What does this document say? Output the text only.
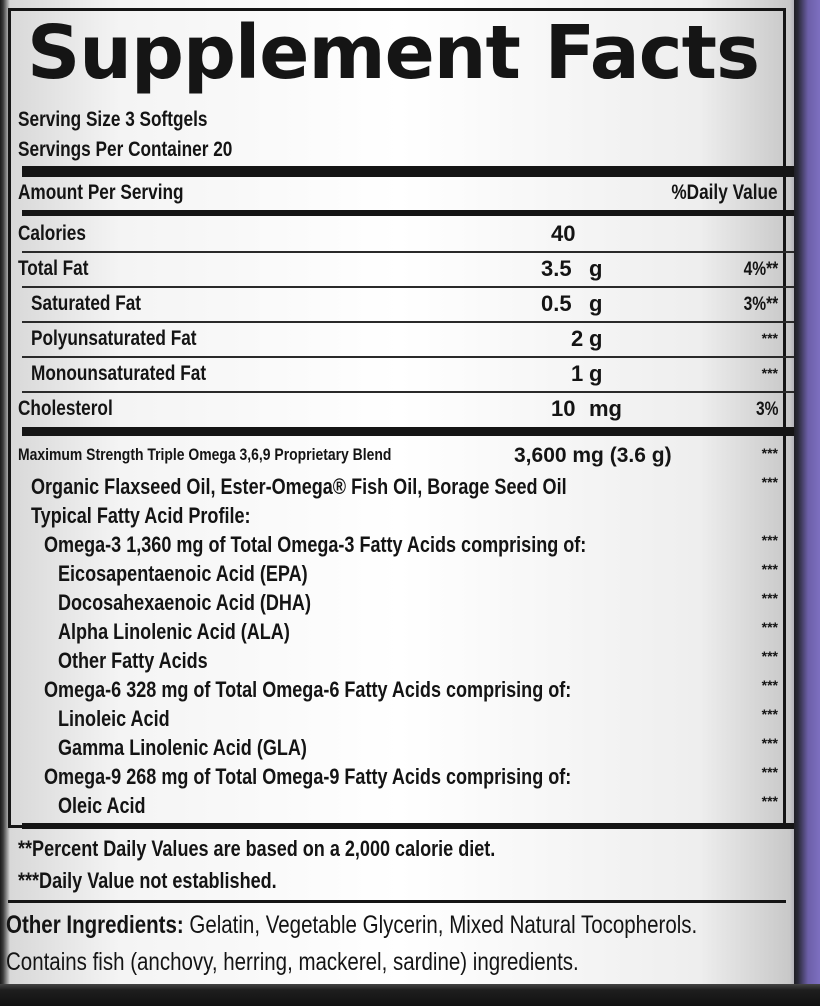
Supplement Facts
Serving Size 3 Softgels
Servings Per Container 20
Amount Per Serving	%Daily Value
Calories	40
Total Fat	3.5 g	4%**
Saturated Fat	0.5 g	3%**
Polyunsaturated Fat	2 g	***
Monounsaturated Fat	1 g	***
Cholesterol	10 mg	3%
Maximum Strength Triple Omega 3,6,9 Proprietary Blend	3,600 mg (3.6 g)	***
Organic Flaxseed Oil, Ester-Omega® Fish Oil, Borage Seed Oil	***
Typical Fatty Acid Profile:
Omega-3 1,360 mg of Total Omega-3 Fatty Acids comprising of:	***
Eicosapentaenoic Acid (EPA)	***
Docosahexaenoic Acid (DHA)	***
Alpha Linolenic Acid (ALA)	***
Other Fatty Acids	***
Omega-6 328 mg of Total Omega-6 Fatty Acids comprising of:	***
Linoleic Acid	***
Gamma Linolenic Acid (GLA)	***
Omega-9 268 mg of Total Omega-9 Fatty Acids comprising of:	***
Oleic Acid	***
**Percent Daily Values are based on a 2,000 calorie diet.
***Daily Value not established.
Other Ingredients: Gelatin, Vegetable Glycerin, Mixed Natural Tocopherols.
Contains fish (anchovy, herring, mackerel, sardine) ingredients.
